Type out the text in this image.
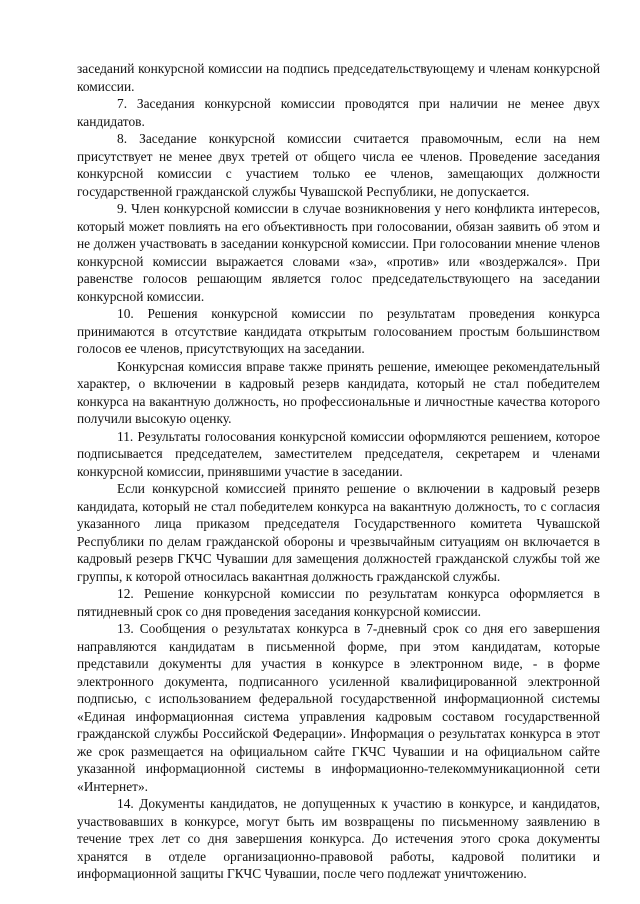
заседаний конкурсной комиссии на подпись председательствующему и членам конкурсной комиссии.

7. Заседания конкурсной комиссии проводятся при наличии не менее двух кандидатов.

8. Заседание конкурсной комиссии считается правомочным, если на нем присутствует не менее двух третей от общего числа ее членов. Проведение заседания конкурсной комиссии с участием только ее членов, замещающих должности государственной гражданской службы Чувашской Республики, не допускается.

9. Член конкурсной комиссии в случае возникновения у него конфликта интересов, который может повлиять на его объективность при голосовании, обязан заявить об этом и не должен участвовать в заседании конкурсной комиссии. При голосовании мнение членов конкурсной комиссии выражается словами «за», «против» или «воздержался». При равенстве голосов решающим является голос председательствующего на заседании конкурсной комиссии.

10. Решения конкурсной комиссии по результатам проведения конкурса принимаются в отсутствие кандидата открытым голосованием простым большинством голосов ее членов, присутствующих на заседании.

Конкурсная комиссия вправе также принять решение, имеющее рекомендательный характер, о включении в кадровый резерв кандидата, который не стал победителем конкурса на вакантную должность, но профессиональные и личностные качества которого получили высокую оценку.

11. Результаты голосования конкурсной комиссии оформляются решением, которое подписывается председателем, заместителем председателя, секретарем и членами конкурсной комиссии, принявшими участие в заседании.

Если конкурсной комиссией принято решение о включении в кадровый резерв кандидата, который не стал победителем конкурса на вакантную должность, то с согласия указанного лица приказом председателя Государственного комитета Чувашской Республики по делам гражданской обороны и чрезвычайным ситуациям он включается в кадровый резерв ГКЧС Чувашии для замещения должностей гражданской службы той же группы, к которой относилась вакантная должность гражданской службы.

12. Решение конкурсной комиссии по результатам конкурса оформляется в пятидневный срок со дня проведения заседания конкурсной комиссии.

13. Сообщения о результатах конкурса в 7-дневный срок со дня его завершения направляются кандидатам в письменной форме, при этом кандидатам, которые представили документы для участия в конкурсе в электронном виде, - в форме электронного документа, подписанного усиленной квалифицированной электронной подписью, с использованием федеральной государственной информационной системы «Единая информационная система управления кадровым составом государственной гражданской службы Российской Федерации». Информация о результатах конкурса в этот же срок размещается на официальном сайте ГКЧС Чувашии и на официальном сайте указанной информационной системы в информационно-телекоммуникационной сети «Интернет».

14. Документы кандидатов, не допущенных к участию в конкурсе, и кандидатов, участвовавших в конкурсе, могут быть им возвращены по письменному заявлению в течение трех лет со дня завершения конкурса. До истечения этого срока документы хранятся в отделе организационно-правовой работы, кадровой политики и информационной защиты ГКЧС Чувашии, после чего подлежат уничтожению.
